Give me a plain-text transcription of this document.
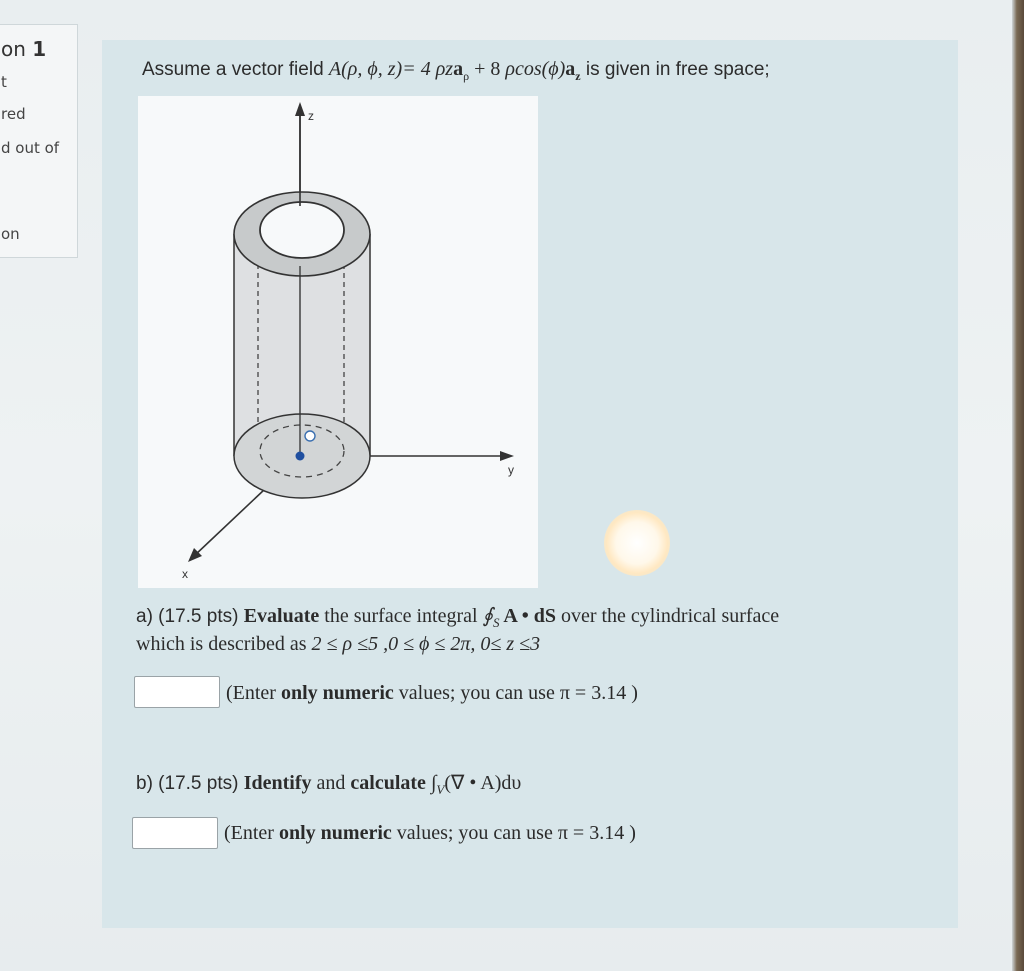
on 1
t
red
d out of
on
Assume a vector field A(ρ, ϕ, z)= 4 ρza$_\rho$ + 8 $\rho\cos(\phi)a_z$ is given in free space;
z
y
x
a) (17.5 pts) Evaluate the surface integral $∮_S$ A • dS over the cylindrical surface
which is described as 2 ≤ ρ ≤5 ,0 ≤ ϕ ≤ 2π, 0≤ z ≤3
(Enter only numeric values; you can use π = 3.14 )
b) (17.5 pts) Identify and calculate $\int_V(\nabla$ • A)dυ
(Enter only numeric values; you can use π = 3.14 )
